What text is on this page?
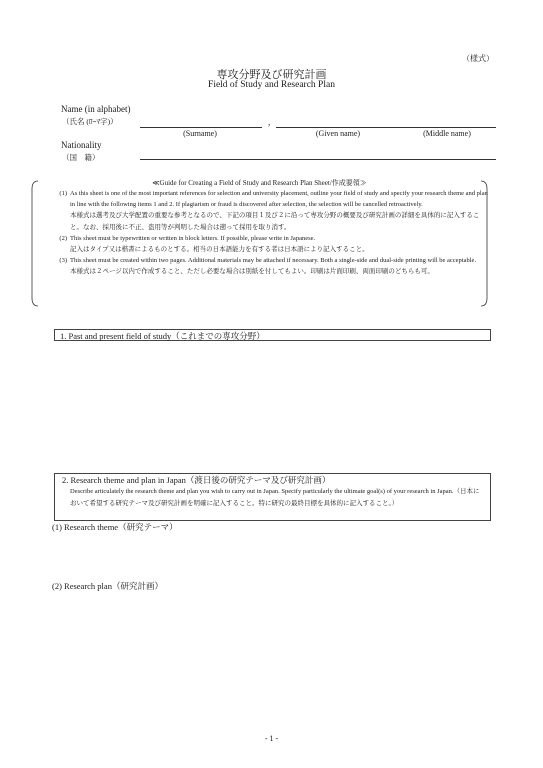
（様式）
専攻分野及び研究計画
Field of Study and Research Plan
Name (in alphabet)
（氏名 (ﾛｰﾏ字)）	,
(Surname)	(Given name)	(Middle name)
Nationality
（国　籍）
≪Guide for Creating a Field of Study and Research Plan Sheet/作成要領≫
(1) As this sheet is one of the most important references for selection and university placement, outline your field of study and specify your research theme and plan in line with the following items 1 and 2. If plagiarism or fraud is discovered after selection, the selection will be cancelled retroactively.
本様式は選考及び大学配置の重要な参考となるので、下記の項目１及び２に沿って専攻分野の概要及び研究計画の詳細を具体的に記入すること。なお、採用後に不正、盗用等が判明した場合は遡って採用を取り消す。
(2) This sheet must be typewritten or written in block letters. If possible, please write in Japanese.
記入はタイプ又は楷書によるものとする。相当の日本語能力を有する者は日本語により記入すること。
(3) This sheet must be created within two pages. Additional materials may be attached if necessary. Both a single-side and dual-side printing will be acceptable.
本様式は２ページ以内で作成すること、ただし必要な場合は別紙を付してもよい。印刷は片面印刷、両面印刷のどちらも可。
1. Past and present field of study（これまでの専攻分野）
2. Research theme and plan in Japan（渡日後の研究テーマ及び研究計画）
Describe articulately the research theme and plan you wish to carry out in Japan. Specify particularly the ultimate goal(s) of your research in Japan.（日本において希望する研究テーマ及び研究計画を明確に記入すること。特に研究の最終目標を具体的に記入すること。）
(1) Research theme（研究テーマ）
(2) Research plan（研究計画）
- 1 -
